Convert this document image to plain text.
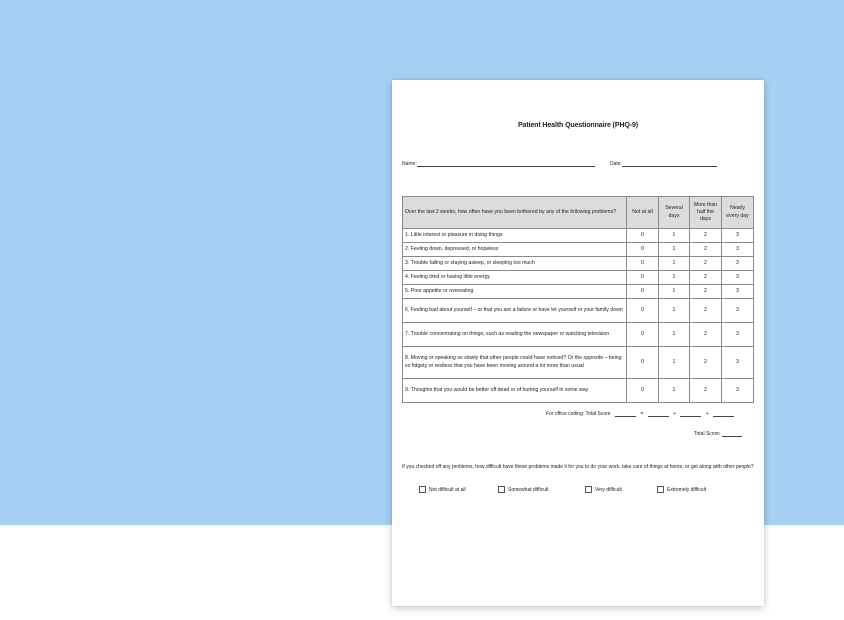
Patient Health Questionnaire (PHQ-9)
Name:	Date:
Over the last 2 weeks, how often have you been bothered by any of the following problems?	Not at all	Several days	More than half the days	Nearly every day
1. Little interest or pleasure in doing things	0	1	2	3
2. Feeling down, depressed, or hopeless	0	1	2	3
3. Trouble falling or staying asleep, or sleeping too much	0	1	2	3
4. Feeling tired or having little energy	0	1	2	3
5. Poor appetite or overeating	0	1	2	3
6. Feeling bad about yourself – or that you are a failure or have let yourself or your family down	0	1	2	3
7. Trouble concentrating on things, such as reading the newspaper or watching television	0	1	2	3
8. Moving or speaking so slowly that other people could have noticed? Or the opposite – being so fidgety or restless that you have been moving around a lot more than usual	0	1	2	3
9. Thoughts that you would be better off dead or of hurting yourself in some way	0	1	2	3
For office coding: Total Score	=	+	+
Total Score:
If you checked off any problems, how difficult have these problems made it for you to do your work, take care of things at home, or get along with other people?
Not difficult at all	Somewhat difficult	Very difficult	Extremely difficult
